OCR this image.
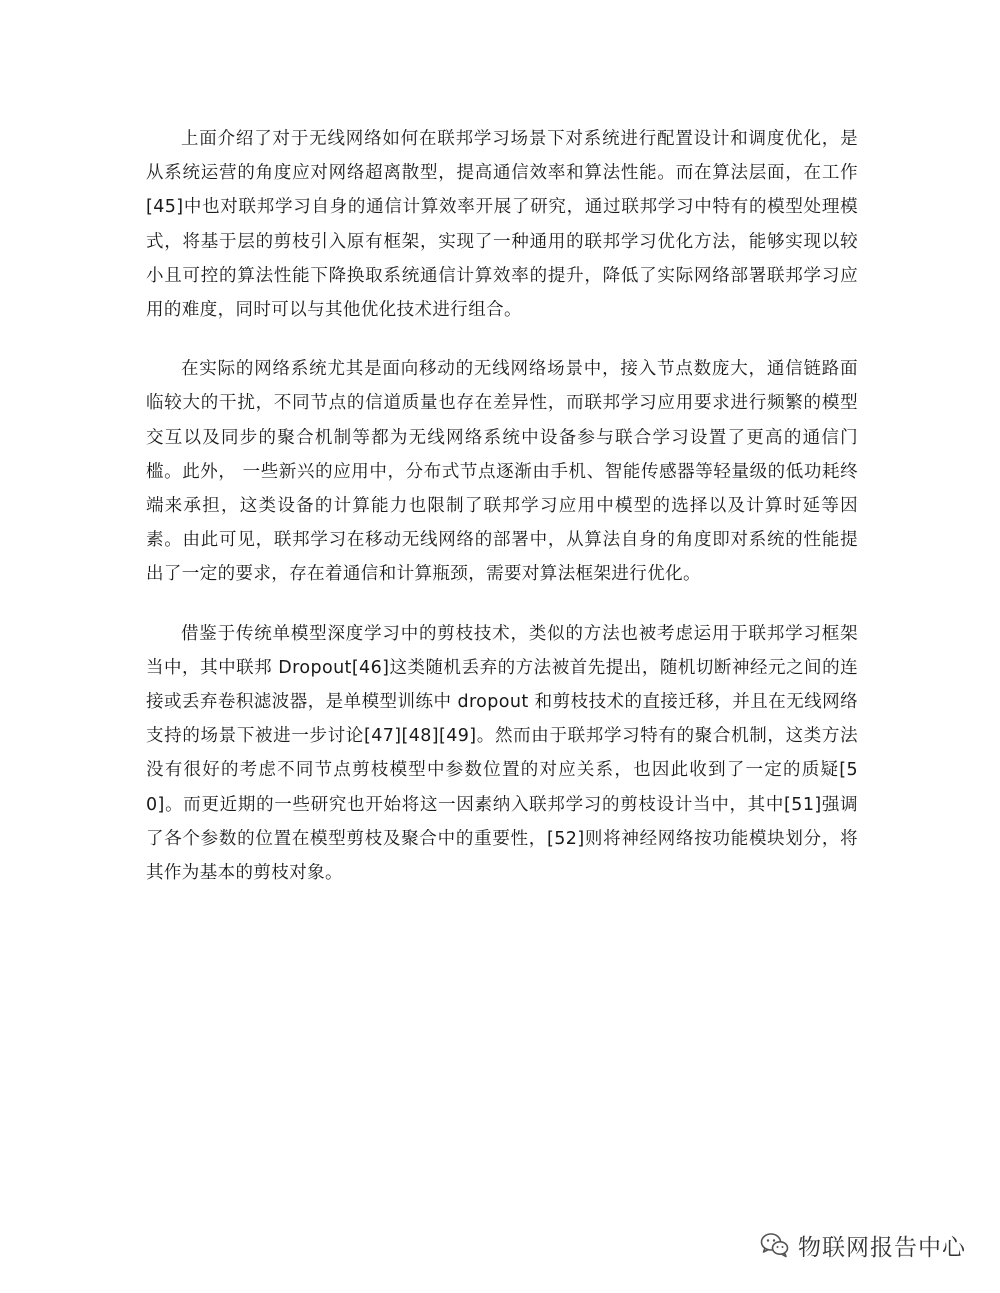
上面介绍了对于无线网络如何在联邦学习场景下对系统进行配置设计和调度优化，是从系统运营的角度应对网络超离散型，提高通信效率和算法性能。而在算法层面，在工作[45]中也对联邦学习自身的通信计算效率开展了研究，通过联邦学习中特有的模型处理模式，将基于层的剪枝引入原有框架，实现了一种通用的联邦学习优化方法，能够实现以较小且可控的算法性能下降换取系统通信计算效率的提升，降低了实际网络部署联邦学习应用的难度，同时可以与其他优化技术进行组合。

在实际的网络系统尤其是面向移动的无线网络场景中，接入节点数庞大，通信链路面临较大的干扰，不同节点的信道质量也存在差异性，而联邦学习应用要求进行频繁的模型交互以及同步的聚合机制等都为无线网络系统中设备参与联合学习设置了更高的通信门槛。此外， 一些新兴的应用中，分布式节点逐渐由手机、智能传感器等轻量级的低功耗终端来承担，这类设备的计算能力也限制了联邦学习应用中模型的选择以及计算时延等因素。由此可见，联邦学习在移动无线网络的部署中，从算法自身的角度即对系统的性能提出了一定的要求，存在着通信和计算瓶颈，需要对算法框架进行优化。

借鉴于传统单模型深度学习中的剪枝技术，类似的方法也被考虑运用于联邦学习框架当中，其中联邦 Dropout[46]这类随机丢弃的方法被首先提出，随机切断神经元之间的连接或丢弃卷积滤波器，是单模型训练中 dropout 和剪枝技术的直接迁移，并且在无线网络支持的场景下被进一步讨论[47][48][49]。然而由于联邦学习特有的聚合机制，这类方法没有很好的考虑不同节点剪枝模型中参数位置的对应关系，也因此收到了一定的质疑[50]。而更近期的一些研究也开始将这一因素纳入联邦学习的剪枝设计当中，其中[51]强调了各个参数的位置在模型剪枝及聚合中的重要性，[52]则将神经网络按功能模块划分，将其作为基本的剪枝对象。

物联网报告中心
